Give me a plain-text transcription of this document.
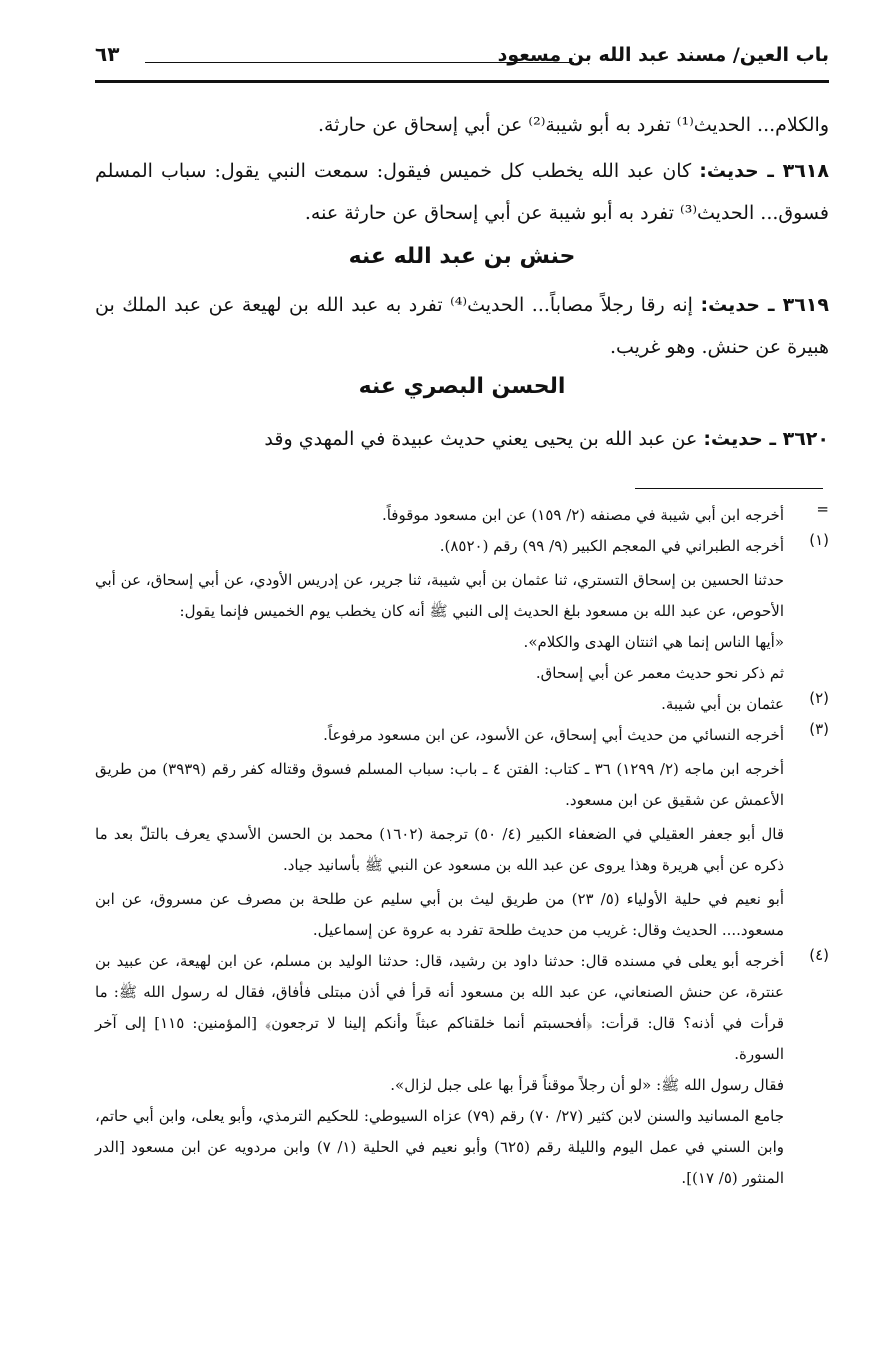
باب العين/ مسند عبد الله بن مسعود
٦٣

والكلام... الحديث⁽¹⁾ تفرد به أبو شيبة⁽²⁾ عن أبي إسحاق عن حارثة.

٣٦١٨ ـ حديث: كان عبد الله يخطب كل خميس فيقول: سمعت النبي يقول: سباب المسلم فسوق... الحديث⁽³⁾ تفرد به أبو شيبة عن أبي إسحاق عن حارثة عنه.

حنش بن عبد الله عنه

٣٦١٩ ـ حديث: إنه رقا رجلاً مصاباً... الحديث⁽⁴⁾ تفرد به عبد الله بن لهيعة عن عبد الملك بن هبيرة عن حنش. وهو غريب.

الحسن البصري عنه

٣٦٢٠ ـ حديث: عن عبد الله بن يحيى يعني حديث عبيدة في المهدي وقد

=

أخرجه ابن أبي شيبة في مصنفه (٢/ ١٥٩) عن ابن مسعود موقوفاً.

(١)

أخرجه الطبراني في المعجم الكبير (٩/ ٩٩) رقم (٨٥٢٠).

حدثنا الحسين بن إسحاق التستري، ثنا عثمان بن أبي شيبة، ثنا جرير، عن إدريس الأودي، عن أبي إسحاق، عن أبي الأحوص، عن عبد الله بن مسعود بلغ الحديث إلى النبي ﷺ أنه كان يخطب يوم الخميس فإنما يقول:

«أيها الناس إنما هي اثنتان الهدى والكلام».

ثم ذكر نحو حديث معمر عن أبي إسحاق.

(٢)

عثمان بن أبي شيبة.

(٣)

أخرجه النسائي من حديث أبي إسحاق، عن الأسود، عن ابن مسعود مرفوعاً.

أخرجه ابن ماجه (٢/ ١٢٩٩) ٣٦ ـ كتاب: الفتن ٤ ـ باب: سباب المسلم فسوق وقتاله كفر رقم (٣٩٣٩) من طريق الأعمش عن شقيق عن ابن مسعود.

قال أبو جعفر العقيلي في الضعفاء الكبير (٤/ ٥٠) ترجمة (١٦٠٢) محمد بن الحسن الأسدي يعرف بالتلّ بعد ما ذكره عن أبي هريرة وهذا يروى عن عبد الله بن مسعود عن النبي ﷺ بأسانيد جياد.

أبو نعيم في حلية الأولياء (٥/ ٢٣) من طريق ليث بن أبي سليم عن طلحة بن مصرف عن مسروق، عن ابن مسعود.... الحديث وقال: غريب من حديث طلحة تفرد به عروة عن إسماعيل.

(٤)

أخرجه أبو يعلى في مسنده قال: حدثنا داود بن رشيد، قال: حدثنا الوليد بن مسلم، عن ابن لهيعة، عن عبيد بن عنترة، عن حنش الصنعاني، عن عبد الله بن مسعود أنه قرأ في أذن مبتلى فأفاق، فقال له رسول الله ﷺ: ما قرأت في أذنه؟ قال: قرأت: ﴿أفحسبتم أنما خلقناكم عبثاً وأنكم إلينا لا ترجعون﴾ [المؤمنين: ١١٥] إلى آخر السورة.

فقال رسول الله ﷺ: «لو أن رجلاً موقناً قرأ بها على جبل لزال».

جامع المسانيد والسنن لابن كثير (٢٧/ ٧٠) رقم (٧٩) عزاه السيوطي: للحكيم الترمذي، وأبو يعلى، وابن أبي حاتم، وابن السني في عمل اليوم والليلة رقم (٦٢٥) وأبو نعيم في الحلية (١/ ٧) وابن مردويه عن ابن مسعود [الدر المنثور (٥/ ١٧)].
